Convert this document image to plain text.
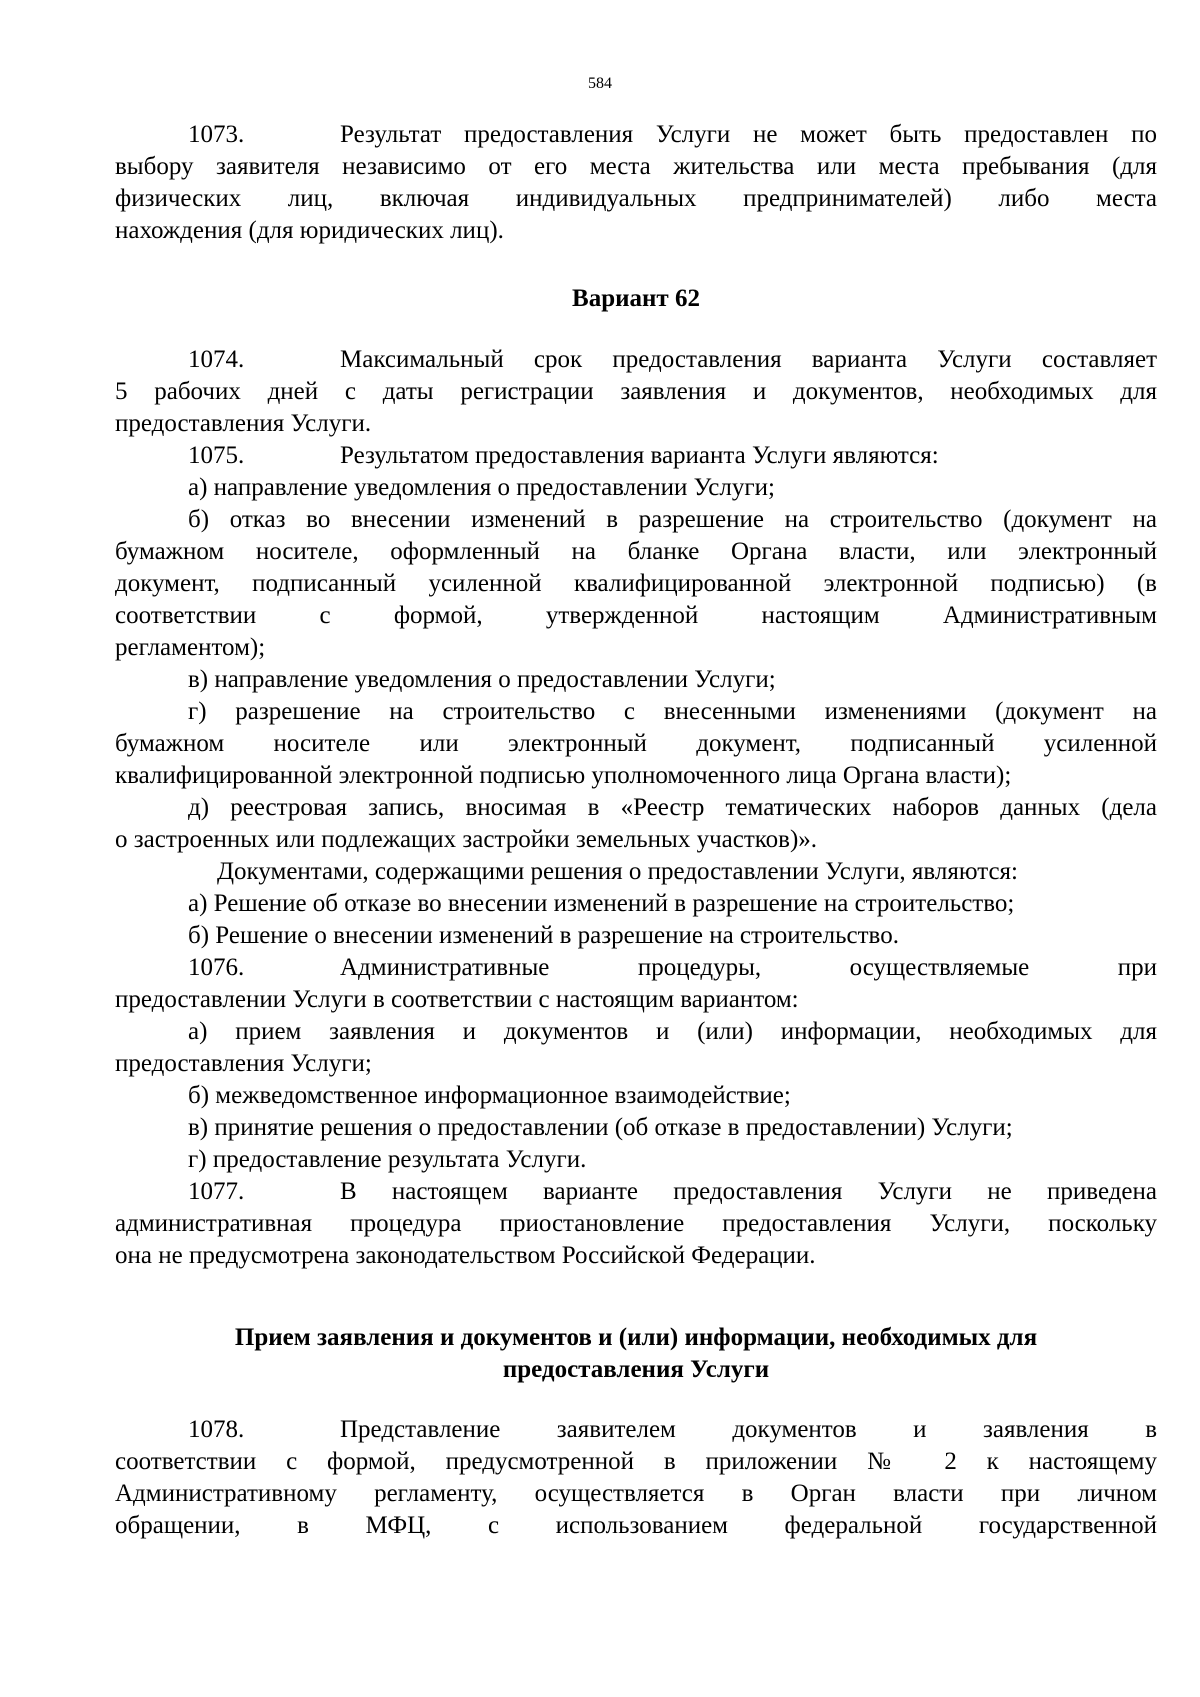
584
1073.	Результат предоставления Услуги не может быть предоставлен по
выбору заявителя независимо от его места жительства или места пребывания (для
физических лиц, включая индивидуальных предпринимателей) либо места
нахождения (для юридических лиц).
Вариант 62
1074.	Максимальный срок предоставления варианта Услуги составляет
5 рабочих дней с даты регистрации заявления и документов, необходимых для
предоставления Услуги.
1075.	Результатом предоставления варианта Услуги являются:
а) направление уведомления о предоставлении Услуги;
б) отказ во внесении изменений в разрешение на строительство (документ на
бумажном носителе, оформленный на бланке Органа власти, или электронный
документ, подписанный усиленной квалифицированной электронной подписью) (в
соответствии с формой, утвержденной настоящим Административным
регламентом);
в) направление уведомления о предоставлении Услуги;
г) разрешение на строительство с внесенными изменениями (документ на
бумажном носителе или электронный документ, подписанный усиленной
квалифицированной электронной подписью уполномоченного лица Органа власти);
д) реестровая запись, вносимая в «Реестр тематических наборов данных (дела
о застроенных или подлежащих застройки земельных участков)».
Документами, содержащими решения о предоставлении Услуги, являются:
а) Решение об отказе во внесении изменений в разрешение на строительство;
б) Решение о внесении изменений в разрешение на строительство.
1076.	Административные процедуры, осуществляемые при
предоставлении Услуги в соответствии с настоящим вариантом:
а) прием заявления и документов и (или) информации, необходимых для
предоставления Услуги;
б) межведомственное информационное взаимодействие;
в) принятие решения о предоставлении (об отказе в предоставлении) Услуги;
г) предоставление результата Услуги.
1077.	В настоящем варианте предоставления Услуги не приведена
административная процедура приостановление предоставления Услуги, поскольку
она не предусмотрена законодательством Российской Федерации.
Прием заявления и документов и (или) информации, необходимых для
предоставления Услуги
1078.	Представление заявителем документов и заявления в
соответствии с формой, предусмотренной в приложении № 2 к настоящему
Административному регламенту, осуществляется в Орган власти при личном
обращении, в МФЦ, с использованием федеральной государственной
